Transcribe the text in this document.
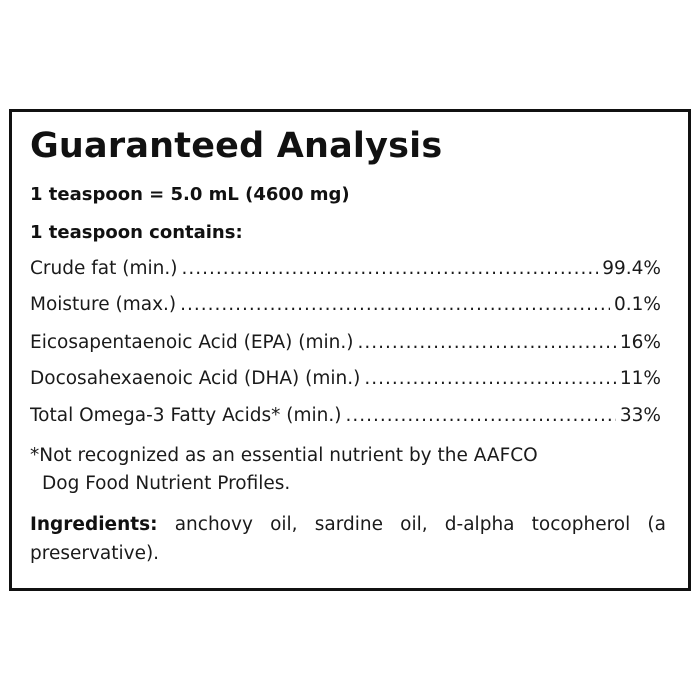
Guaranteed Analysis
1 teaspoon = 5.0 mL (4600 mg)
1 teaspoon contains:
Crude fat (min.) .....	99.4%
Moisture (max.) .....	0.1%
Eicosapentaenoic Acid (EPA) (min.) .....	16%
Docosahexaenoic Acid (DHA) (min.) .....	11%
Total Omega-3 Fatty Acids* (min.) .....	33%
*Not recognized as an essential nutrient by the AAFCO
Dog Food Nutrient Profiles.
Ingredients: anchovy oil, sardine oil, d-alpha tocopherol (a preservative).
